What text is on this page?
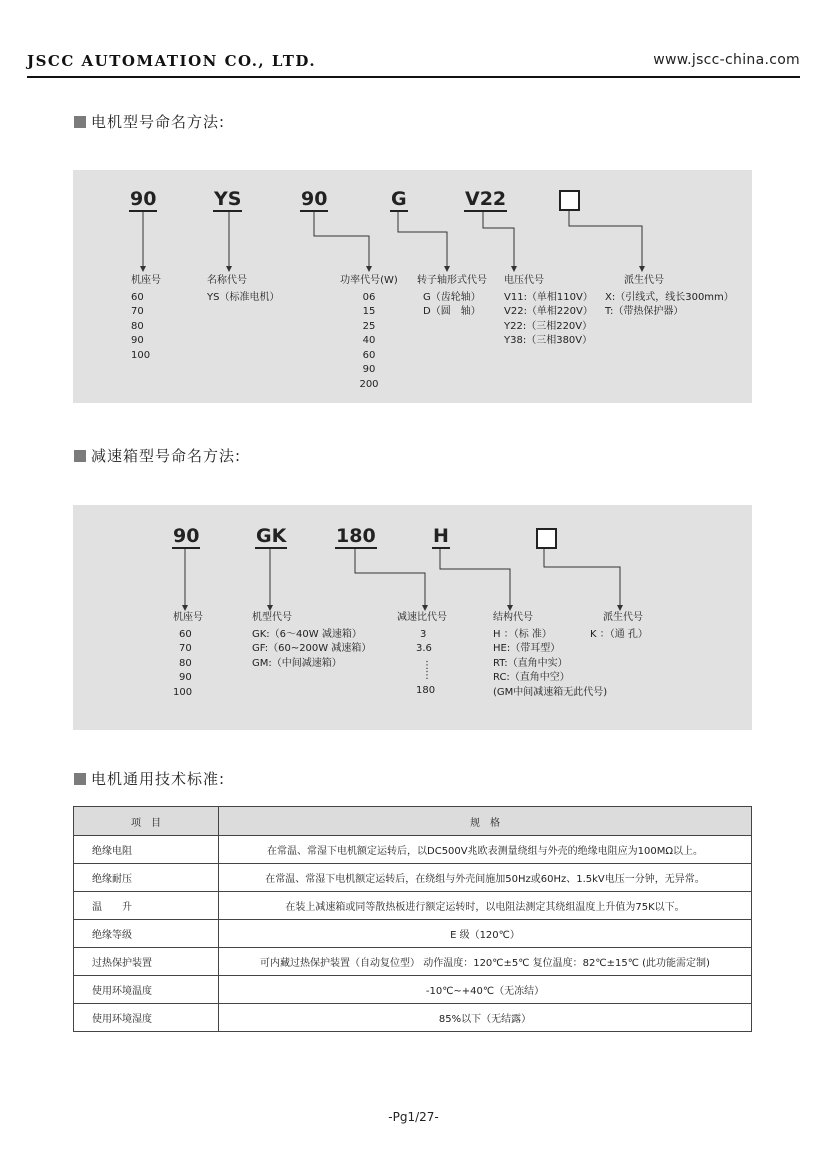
JSCC AUTOMATION CO., LTD.	www.jscc-china.com
电机型号命名方法:
90	YS	90	G	V22
机座号
60
70
80
90
100
名称代号
YS（标准电机）
功率代号(W)
06
15
25
40
60
90
200
转子轴形式代号
G（齿轮轴）
D（圆　轴）
电压代号
V11:（单相110V）
V22:（单相220V）
Y22:（三相220V）
Y38:（三相380V）
派生代号
X:（引线式，线长300mm）
T:（带热保护器）
减速箱型号命名方法:
90	GK	180	H
机座号
60
70
80
90
100
机型代号
GK:（6～40W 减速箱）
GF:（60~200W 减速箱）
GM:（中间减速箱）
减速比代号
3
3.6
⋮
⋮
180
结构代号
H ：（标 准）
HE:（带耳型）
RT:（直角中实）
RC:（直角中空）
(GM中间减速箱无此代号)
派生代号
K ：（通 孔）
电机通用技术标准:
项　目	规　格
绝缘电阻	在常温、常湿下电机额定运转后，以DC500V兆欧表测量绕组与外壳的绝缘电阻应为100MΩ以上。
绝缘耐压	在常温、常湿下电机额定运转后，在绕组与外壳间施加50Hz或60Hz、1.5kV电压一分钟，无异常。
温　　升	在装上减速箱或同等散热板进行额定运转时，以电阻法测定其绕组温度上升值为75K以下。
绝缘等级	E 级（120℃）
过热保护装置	可内藏过热保护装置（自动复位型） 动作温度：120℃±5℃ 复位温度：82℃±15℃ (此功能需定制)
使用环境温度	-10℃~+40℃（无冻结）
使用环境湿度	85%以下（无结露）
-Pg1/27-
